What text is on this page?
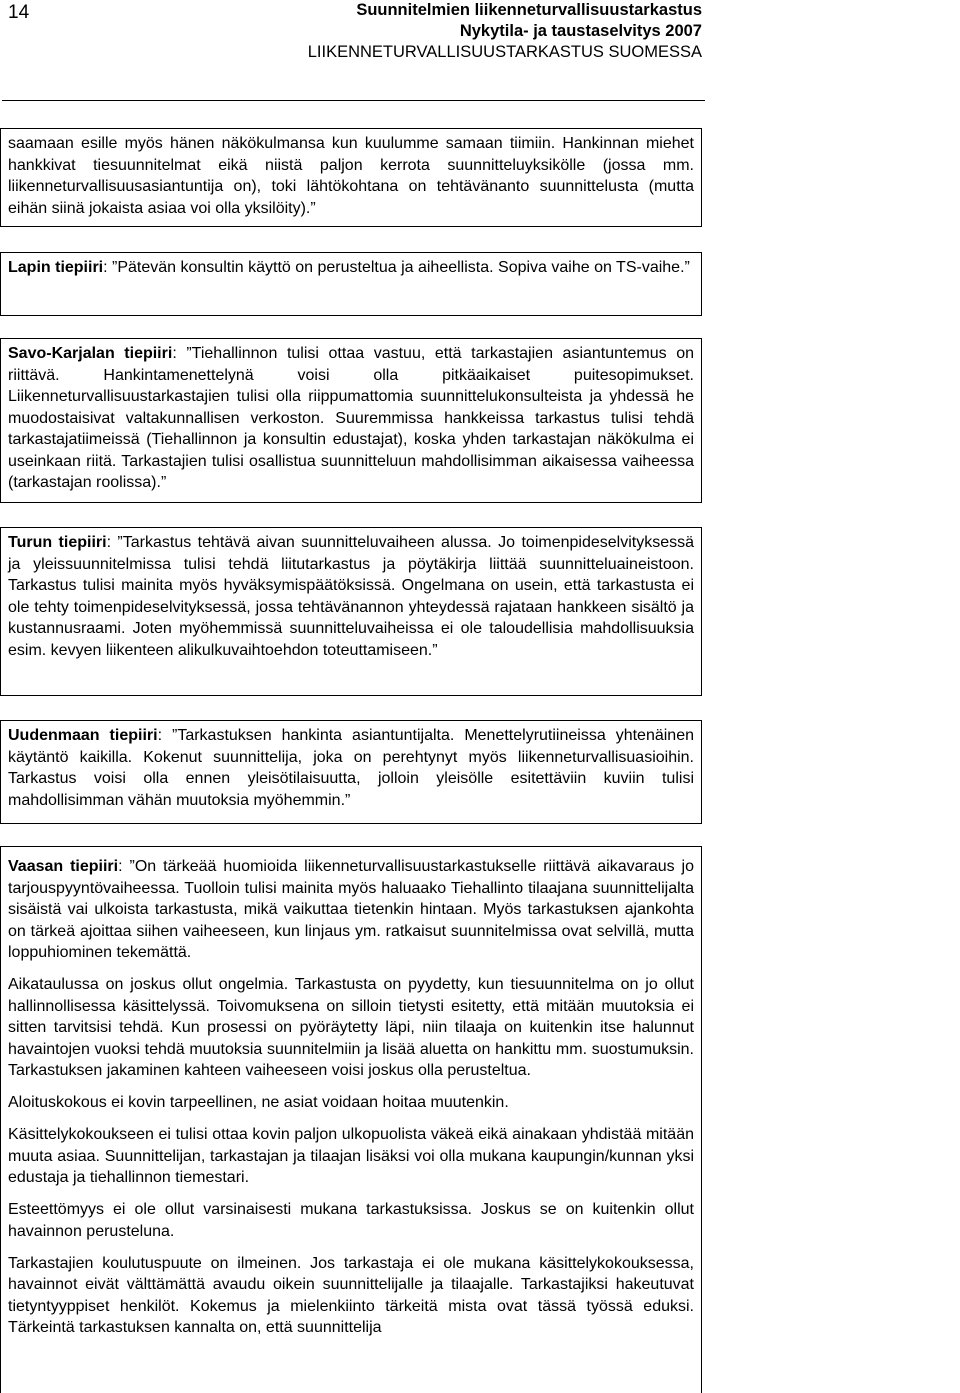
14	Suunnitelmien liikenneturvallisuustarkastus
Nykytila- ja taustaselvitys 2007
LIIKENNETURVALLISUUSTARKASTUS SUOMESSA

saamaan esille myös hänen näkökulmansa kun kuulumme samaan tiimiin. Hankinnan miehet hankkivat tiesuunnitelmat eikä niistä paljon kerrota suunnitteluyksikölle (jossa mm. liikenneturvallisuusasiantuntija on), toki lähtökohtana on tehtävänanto suunnittelusta (mutta eihän siinä jokaista asiaa voi olla yksilöity).”

Lapin tiepiiri: ”Pätevän konsultin käyttö on perusteltua ja aiheellista. Sopiva vaihe on TS-vaihe.”

Savo-Karjalan tiepiiri: ”Tiehallinnon tulisi ottaa vastuu, että tarkastajien asiantuntemus on riittävä. Hankintamenettelynä voisi olla pitkäaikaiset puitesopimukset. Liikenneturvallisuustarkastajien tulisi olla riippumattomia suunnittelukonsulteista ja yhdessä he muodostaisivat valtakunnallisen verkoston. Suuremmissa hankkeissa tarkastus tulisi tehdä tarkastajatiimeissä (Tiehallinnon ja konsultin edustajat), koska yhden tarkastajan näkökulma ei useinkaan riitä. Tarkastajien tulisi osallistua suunnitteluun mahdollisimman aikaisessa vaiheessa (tarkastajan roolissa).”

Turun tiepiiri: ”Tarkastus tehtävä aivan suunnitteluvaiheen alussa. Jo toimenpideselvityksessä ja yleissuunnitelmissa tulisi tehdä liitutarkastus ja pöytäkirja liittää suunnitteluaineistoon. Tarkastus tulisi mainita myös hyväksymispäätöksissä. Ongelmana on usein, että tarkastusta ei ole tehty toimenpideselvityksessä, jossa tehtävänannon yhteydessä rajataan hankkeen sisältö ja kustannusraami. Joten myöhemmissä suunnitteluvaiheissa ei ole taloudellisia mahdollisuuksia esim. kevyen liikenteen alikulkuvaihtoehdon toteuttamiseen.”

Uudenmaan tiepiiri: ”Tarkastuksen hankinta asiantuntijalta. Menettelyrutiineissa yhtenäinen käytäntö kaikilla. Kokenut suunnittelija, joka on perehtynyt myös liikenneturvallisuasioihin. Tarkastus voisi olla ennen yleisötilaisuutta, jolloin yleisölle esitettäviin kuviin tulisi mahdollisimman vähän muutoksia myöhemmin.”

Vaasan tiepiiri: ”On tärkeää huomioida liikenneturvallisuustarkastukselle riittävä aikavaraus jo tarjouspyyntövaiheessa. Tuolloin tulisi mainita myös haluaako Tiehallinto tilaajana suunnittelijalta sisäistä vai ulkoista tarkastusta, mikä vaikuttaa tietenkin hintaan. Myös tarkastuksen ajankohta on tärkeä ajoittaa siihen vaiheeseen, kun linjaus ym. ratkaisut suunnitelmissa ovat selvillä, mutta loppuhiominen tekemättä.

Aikataulussa on joskus ollut ongelmia. Tarkastusta on pyydetty, kun tiesuunnitelma on jo ollut hallinnollisessa käsittelyssä. Toivomuksena on silloin tietysti esitetty, että mitään muutoksia ei sitten tarvitsisi tehdä. Kun prosessi on pyöräytetty läpi, niin tilaaja on kuitenkin itse halunnut havaintojen vuoksi tehdä muutoksia suunnitelmiin ja lisää aluetta on hankittu mm. suostumuksin. Tarkastuksen jakaminen kahteen vaiheeseen voisi joskus olla perusteltua.

Aloituskokous ei kovin tarpeellinen, ne asiat voidaan hoitaa muutenkin.

Käsittelykokoukseen ei tulisi ottaa kovin paljon ulkopuolista väkeä eikä ainakaan yhdistää mitään muuta asiaa. Suunnittelijan, tarkastajan ja tilaajan lisäksi voi olla mukana kaupungin/kunnan yksi edustaja ja tiehallinnon tiemestari.

Esteettömyys ei ole ollut varsinaisesti mukana tarkastuksissa. Joskus se on kuitenkin ollut havainnon perusteluna.

Tarkastajien koulutuspuute on ilmeinen. Jos tarkastaja ei ole mukana käsittelykokouksessa, havainnot eivät välttämättä avaudu oikein suunnittelijalle ja tilaajalle. Tarkastajiksi hakeutuvat tietyntyyppiset henkilöt. Kokemus ja mielenkiinto tärkeitä mista ovat tässä työssä eduksi. Tärkeintä tarkastuksen kannalta on, että suunnittelija
